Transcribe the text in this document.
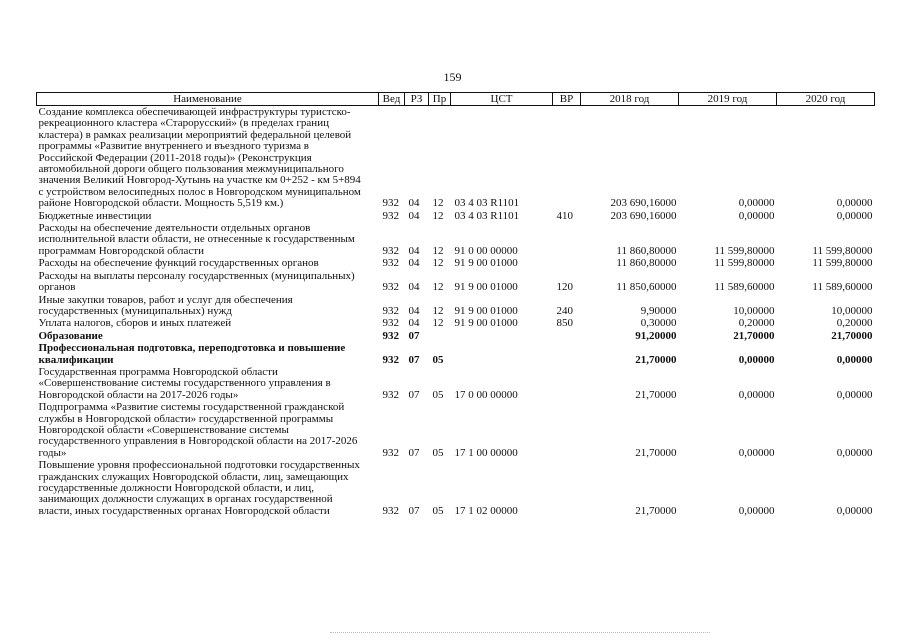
159
Наименование	Вед	РЗ	Пр	ЦСТ	ВР	2018 год	2019 год	2020 год
Создание комплекса обеспечивающей инфраструктуры туристско-рекреационного кластера «Старорусский» (в пределах границ кластера) в рамках реализации мероприятий федеральной целевой программы «Развитие внутреннего и въездного туризма в Российской Федерации (2011-2018 годы)» (Реконструкция автомобильной дороги общего пользования межмуниципального значения Великий Новгород-Хутынь на участке км 0+252 - км 5+894 с устройством велосипедных полос в Новгородском муниципальном районе Новгородской области. Мощность 5,519 км.)	932	04	12	03 4 03 R1101		203 690,16000	0,00000	0,00000
Бюджетные инвестиции	932	04	12	03 4 03 R1101	410	203 690,16000	0,00000	0,00000
Расходы на обеспечение деятельности отдельных органов исполнительной власти области, не отнесенные к государственным программам Новгородской области	932	04	12	91 0 00 00000		11 860,80000	11 599,80000	11 599,80000
Расходы на обеспечение функций государственных органов	932	04	12	91 9 00 01000		11 860,80000	11 599,80000	11 599,80000
Расходы на выплаты персоналу государственных (муниципальных) органов	932	04	12	91 9 00 01000	120	11 850,60000	11 589,60000	11 589,60000
Иные закупки товаров, работ и услуг для обеспечения государственных (муниципальных) нужд	932	04	12	91 9 00 01000	240	9,90000	10,00000	10,00000
Уплата налогов, сборов и иных платежей	932	04	12	91 9 00 01000	850	0,30000	0,20000	0,20000
Образование	932	07				91,20000	21,70000	21,70000
Профессиональная подготовка, переподготовка и повышение квалификации	932	07	05			21,70000	0,00000	0,00000
Государственная программа Новгородской области «Совершенствование системы государственного управления в Новгородской области на 2017-2026 годы»	932	07	05	17 0 00 00000		21,70000	0,00000	0,00000
Подпрограмма «Развитие системы государственной гражданской службы в Новгородской области» государственной программы Новгородской области «Совершенствование системы государственного управления в Новгородской области на 2017-2026 годы»	932	07	05	17 1 00 00000		21,70000	0,00000	0,00000
Повышение уровня профессиональной подготовки государственных гражданских служащих Новгородской области, лиц, замещающих государственные должности Новгородской области, и лиц, занимающих должности служащих в органах государственной власти, иных государственных органах Новгородской области	932	07	05	17 1 02 00000		21,70000	0,00000	0,00000
